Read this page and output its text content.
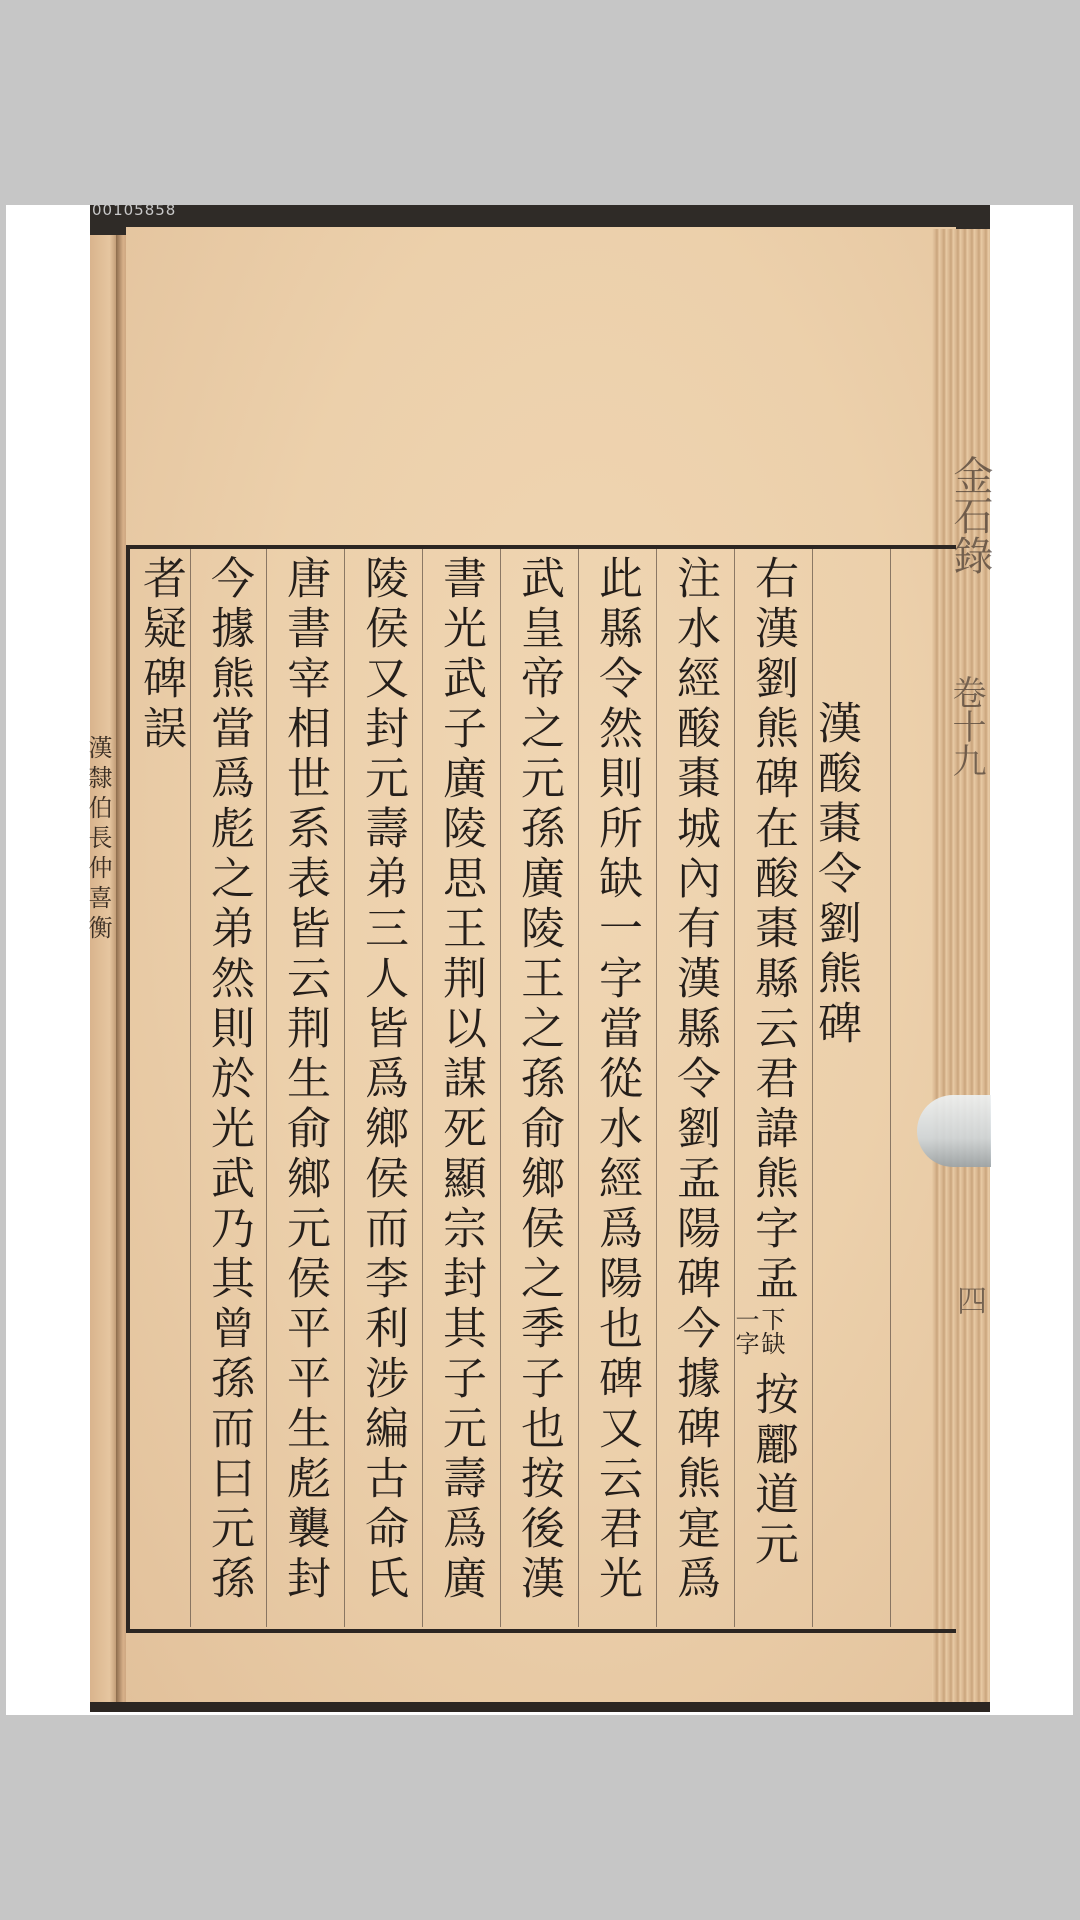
00105858
漢隸伯長仲喜衡
金石錄
卷十九
四
漢酸棗令劉熊碑
右漢劉熊碑在酸棗縣云君諱熊字孟
下缺
一字
按酈道元
注水經酸棗城內有漢縣令劉孟陽碑今據碑熊寔爲
此縣令然則所缺一字當從水經爲陽也碑又云君光
武皇帝之元孫廣陵王之孫俞鄉侯之季子也按後漢
書光武子廣陵思王荆以謀死顯宗封其子元壽爲廣
陵侯又封元壽弟三人皆爲鄉侯而李利涉編古命氏
唐書宰相世系表皆云荆生俞鄉元侯平平生彪襲封
今據熊當爲彪之弟然則於光武乃其曾孫而曰元孫
者疑碑誤
